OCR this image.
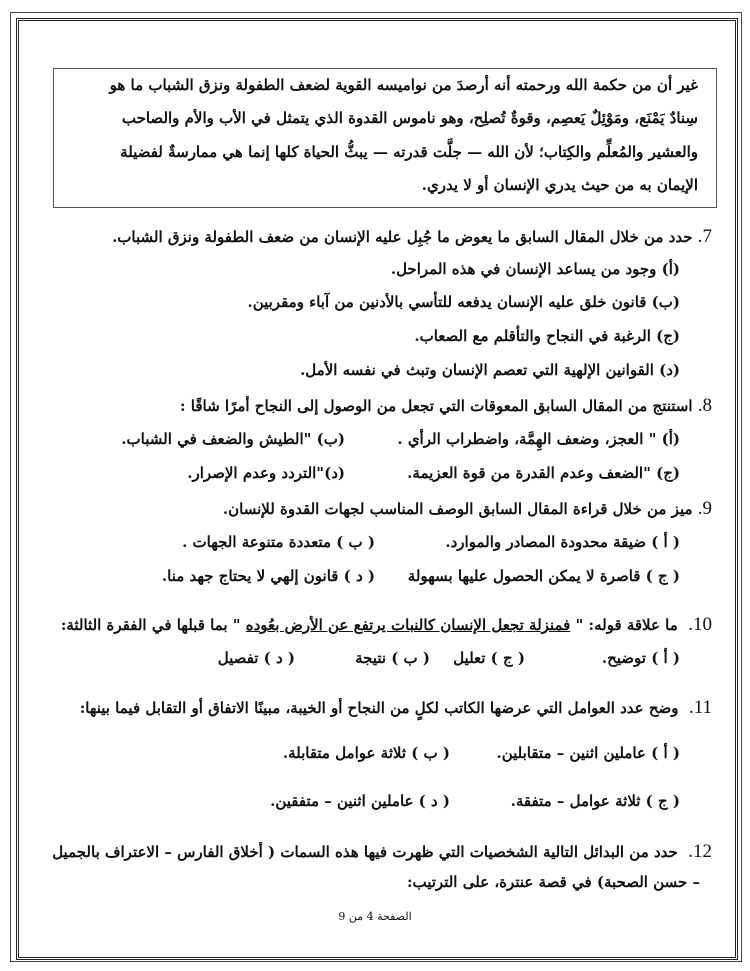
غير أن من حكمة الله ورحمته أنه أرصدَ من نواميسه القوية لضعف الطفولة ونزق الشباب ما هو
سِنادٌ يَمْنَع، ومَوْئِلٌ يَعصِم، وقوةٌ تُصلِح، وهو ناموس القدوة الذي يتمثل في الأب والأم والصاحب
والعشير والمُعلِّم والكِتاب؛ لأن الله — جلَّت قدرته — يبثُّ الحياة كلها إنما هي ممارسةٌ لفضيلة
الإيمان به من حيث يدري الإنسان أو لا يدري.
7. حدد من خلال المقال السابق ما يعوض ما جُبِل عليه الإنسان من ضعف الطفولة ونزق الشباب.
(أ) وجود من يساعد الإنسان في هذه المراحل.
(ب) قانون خلق عليه الإنسان يدفعه للتأسي بالأدنين من آباء ومقربين.
(ج) الرغبة في النجاح والتأقلم مع الصعاب.
(د) القوانين الإلهية التي تعصم الإنسان وتبث في نفسه الأمل.
8. استنتج من المقال السابق المعوقات التي تجعل من الوصول إلى النجاح أمرًا شاقًا :
(أ) " العجز، وضعف الهِمَّة، واضطراب الرأي .
(ب) "الطيش والضعف في الشباب.
(ج) "الضعف وعدم القدرة من قوة العزيمة.
(د)"التردد وعدم الإصرار.
9. ميز من خلال قراءة المقال السابق الوصف المناسب لجهات القدوة للإنسان.
( أ ) ضيقة محدودة المصادر والموارد.
( ب ) متعددة متنوعة الجهات .
( ج ) قاصرة لا يمكن الحصول عليها بسهولة
( د ) قانون إلهي لا يحتاج جهد منا.
10.  ما علاقة قوله: " فمنزلة تجعل الإنسان كالنبات يرتفع عن الأرض بعُوده " بما قبلها في الفقرة الثالثة:
( أ ) توضيح.
( ج ) تعليل
( ب ) نتيجة
( د ) تفصيل
11.  وضح عدد العوامل التي عرضها الكاتب لكلٍ من النجاح أو الخيبة، مبينًا الاتفاق أو التقابل فيما بينها:
( أ ) عاملين اثنين – متقابلين.
( ب ) ثلاثة عوامل متقابلة.
( ج ) ثلاثة عوامل – متفقة.
( د ) عاملين اثنين – متفقين.
12.  حدد من البدائل التالية الشخصيات التي ظهرت فيها هذه السمات ( أخلاق الفارس – الاعتراف بالجميل
– حسن الصحبة) في قصة عنترة، على الترتيب:
الصفحة 4 من 9
